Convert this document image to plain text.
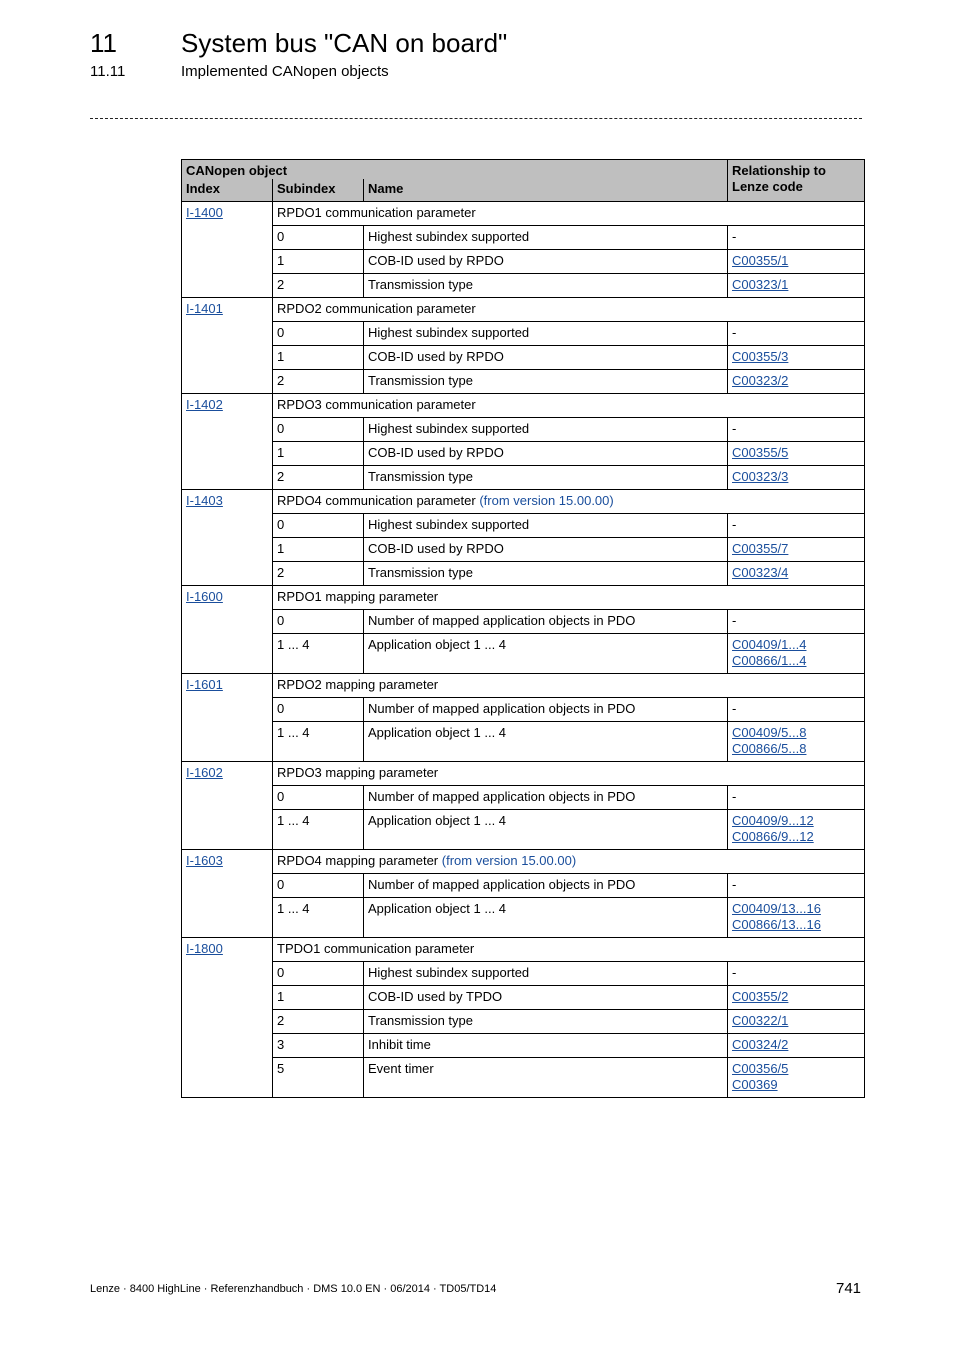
11 System bus "CAN on board"
11.11	Implemented CANopen objects
CANopen object			Relationship to Lenze code
Index	Subindex	Name	
I-1400	RPDO1 communication parameter		
	0	Highest subindex supported	-
	1	COB-ID used by RPDO	C00355/1
	2	Transmission type	C00323/1
I-1401	RPDO2 communication parameter		
	0	Highest subindex supported	-
	1	COB-ID used by RPDO	C00355/3
	2	Transmission type	C00323/2
I-1402	RPDO3 communication parameter		
	0	Highest subindex supported	-
	1	COB-ID used by RPDO	C00355/5
	2	Transmission type	C00323/3
I-1403	RPDO4 communication parameter (from version 15.00.00)		
	0	Highest subindex supported	-
	1	COB-ID used by RPDO	C00355/7
	2	Transmission type	C00323/4
I-1600	RPDO1 mapping parameter		
	0	Number of mapped application objects in PDO	-
	1 ... 4	Application object 1 ... 4	C00409/1...4
C00866/1...4
I-1601	RPDO2 mapping parameter		
	0	Number of mapped application objects in PDO	-
	1 ... 4	Application object 1 ... 4	C00409/5...8
C00866/5...8
I-1602	RPDO3 mapping parameter		
	0	Number of mapped application objects in PDO	-
	1 ... 4	Application object 1 ... 4	C00409/9...12
C00866/9...12
I-1603	RPDO4 mapping parameter (from version 15.00.00)		
	0	Number of mapped application objects in PDO	-
	1 ... 4	Application object 1 ... 4	C00409/13...16
C00866/13...16
I-1800	TPDO1 communication parameter		
	0	Highest subindex supported	-
	1	COB-ID used by TPDO	C00355/2
	2	Transmission type	C00322/1
	3	Inhibit time	C00324/2
	5	Event timer	C00356/5
C00369
Lenze · 8400 HighLine · Referenzhandbuch · DMS 10.0 EN · 06/2014 · TD05/TD14	741
